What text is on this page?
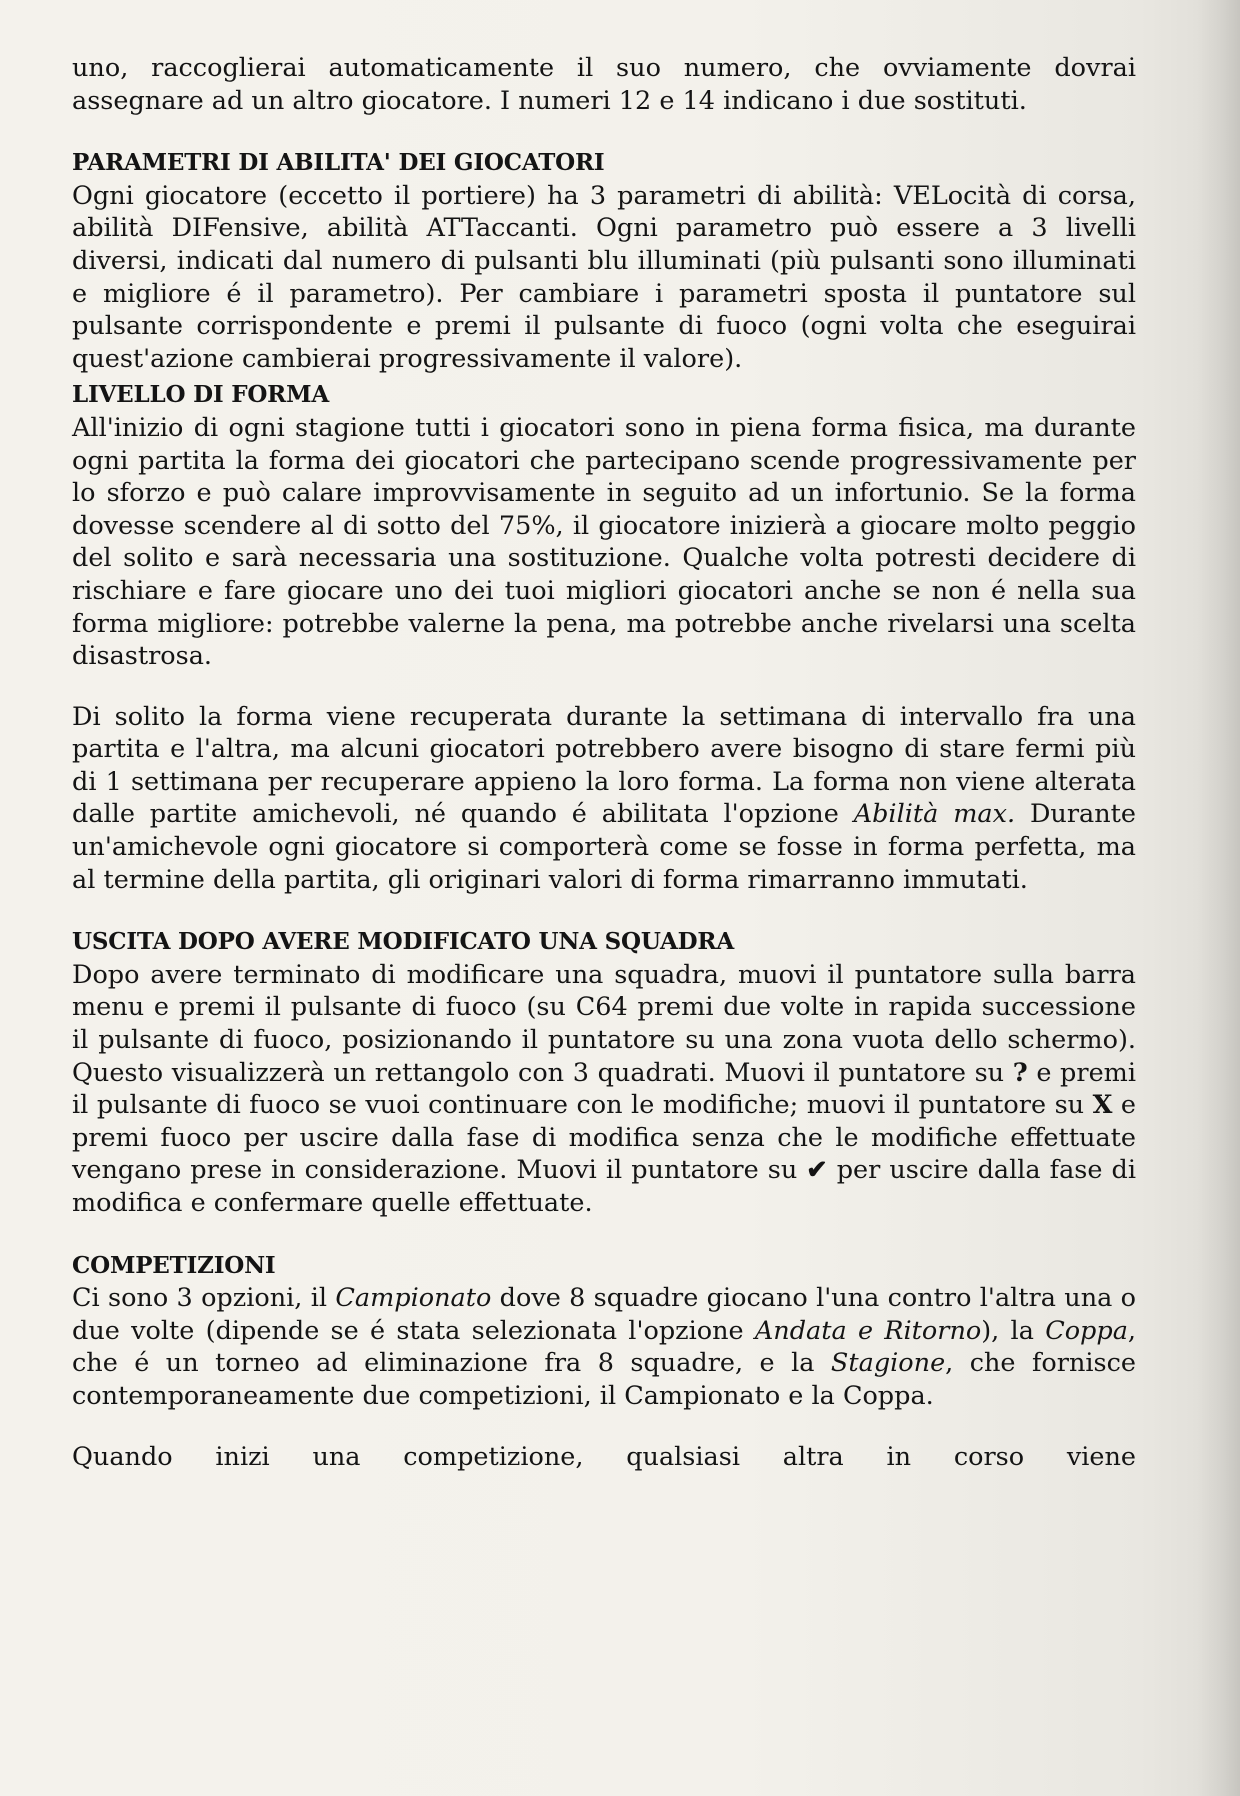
uno, raccoglierai automaticamente il suo numero, che ovviamente dovrai assegnare ad un altro giocatore. I numeri 12 e 14 indicano i due sostituti.

PARAMETRI DI ABILITA' DEI GIOCATORI

Ogni giocatore (eccetto il portiere) ha 3 parametri di abilità: VELocità di corsa, abilità DIFensive, abilità ATTaccanti. Ogni parametro può essere a 3 livelli diversi, indicati dal numero di pulsanti blu illuminati (più pulsanti sono illuminati e migliore é il parametro). Per cambiare i parametri sposta il puntatore sul pulsante corrispondente e premi il pulsante di fuoco (ogni volta che eseguirai quest'azione cambierai progressivamente il valore).

LIVELLO DI FORMA

All'inizio di ogni stagione tutti i giocatori sono in piena forma fisica, ma durante ogni partita la forma dei giocatori che partecipano scende progressivamente per lo sforzo e può calare improvvisamente in seguito ad un infortunio. Se la forma dovesse scendere al di sotto del 75%, il giocatore inizierà a giocare molto peggio del solito e sarà necessaria una sostituzione. Qualche volta potresti decidere di rischiare e fare giocare uno dei tuoi migliori giocatori anche se non é nella sua forma migliore: potrebbe valerne la pena, ma potrebbe anche rivelarsi una scelta disastrosa.

Di solito la forma viene recuperata durante la settimana di intervallo fra una partita e l'altra, ma alcuni giocatori potrebbero avere bisogno di stare fermi più di 1 settimana per recuperare appieno la loro forma. La forma non viene alterata dalle partite amichevoli, né quando é abilitata l'opzione Abilità max. Durante un'amichevole ogni giocatore si comporterà come se fosse in forma perfetta, ma al termine della partita, gli originari valori di forma rimarranno immutati.

USCITA DOPO AVERE MODIFICATO UNA SQUADRA

Dopo avere terminato di modificare una squadra, muovi il puntatore sulla barra menu e premi il pulsante di fuoco (su C64 premi due volte in rapida successione il pulsante di fuoco, posizionando il puntatore su una zona vuota dello schermo). Questo visualizzerà un rettangolo con 3 quadrati. Muovi il puntatore su ? e premi il pulsante di fuoco se vuoi continuare con le modifiche; muovi il puntatore su X e premi fuoco per uscire dalla fase di modifica senza che le modifiche effettuate vengano prese in considerazione. Muovi il puntatore su ✔ per uscire dalla fase di modifica e confermare quelle effettuate.

COMPETIZIONI

Ci sono 3 opzioni, il Campionato dove 8 squadre giocano l'una contro l'altra una o due volte (dipende se é stata selezionata l'opzione Andata e Ritorno), la Coppa, che é un torneo ad eliminazione fra 8 squadre, e la Stagione, che fornisce contemporaneamente due competizioni, il Campionato e la Coppa.

Quando inizi una competizione, qualsiasi altra in corso viene
